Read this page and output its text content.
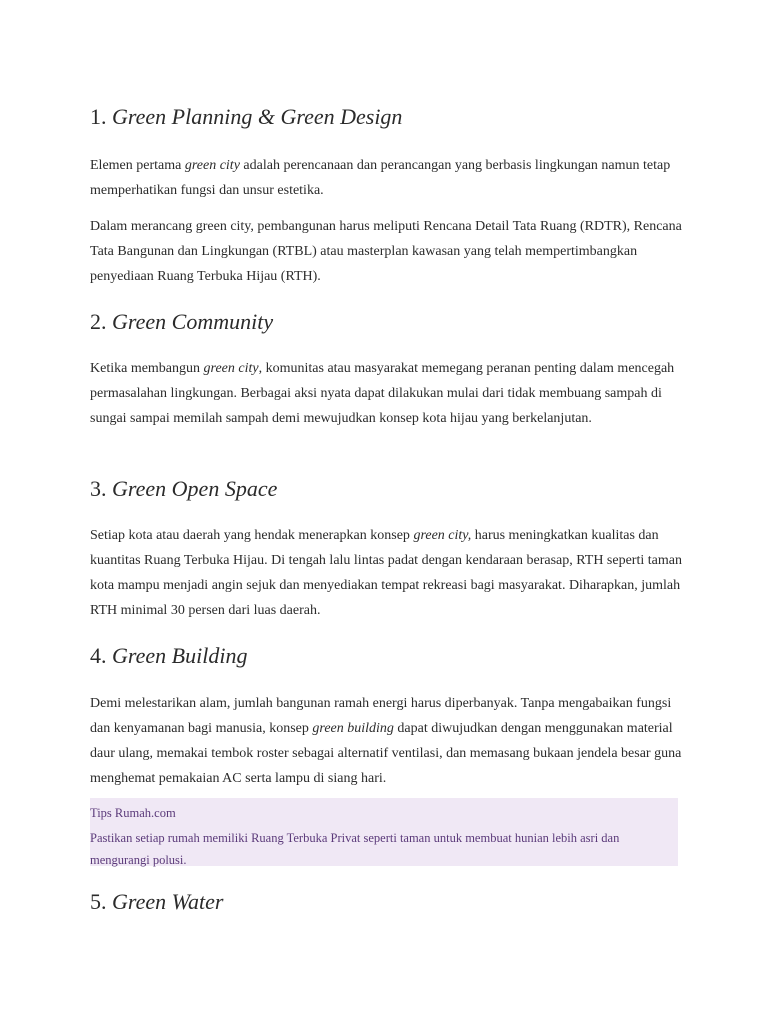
1. Green Planning & Green Design

Elemen pertama green city adalah perencanaan dan perancangan yang berbasis lingkungan namun tetap memperhatikan fungsi dan unsur estetika.

Dalam merancang green city, pembangunan harus meliputi Rencana Detail Tata Ruang (RDTR), Rencana Tata Bangunan dan Lingkungan (RTBL) atau masterplan kawasan yang telah mempertimbangkan penyediaan Ruang Terbuka Hijau (RTH).

2. Green Community

Ketika membangun green city, komunitas atau masyarakat memegang peranan penting dalam mencegah permasalahan lingkungan. Berbagai aksi nyata dapat dilakukan mulai dari tidak membuang sampah di sungai sampai memilah sampah demi mewujudkan konsep kota hijau yang berkelanjutan.

3. Green Open Space

Setiap kota atau daerah yang hendak menerapkan konsep green city, harus meningkatkan kualitas dan kuantitas Ruang Terbuka Hijau. Di tengah lalu lintas padat dengan kendaraan berasap, RTH seperti taman kota mampu menjadi angin sejuk dan menyediakan tempat rekreasi bagi masyarakat. Diharapkan, jumlah RTH minimal 30 persen dari luas daerah.

4. Green Building

Demi melestarikan alam, jumlah bangunan ramah energi harus diperbanyak. Tanpa mengabaikan fungsi dan kenyamanan bagi manusia, konsep green building dapat diwujudkan dengan menggunakan material daur ulang, memakai tembok roster sebagai alternatif ventilasi, dan memasang bukaan jendela besar guna menghemat pemakaian AC serta lampu di siang hari.

Tips Rumah.com
Pastikan setiap rumah memiliki Ruang Terbuka Privat seperti taman untuk membuat hunian lebih asri dan mengurangi polusi.
5. Green Water
